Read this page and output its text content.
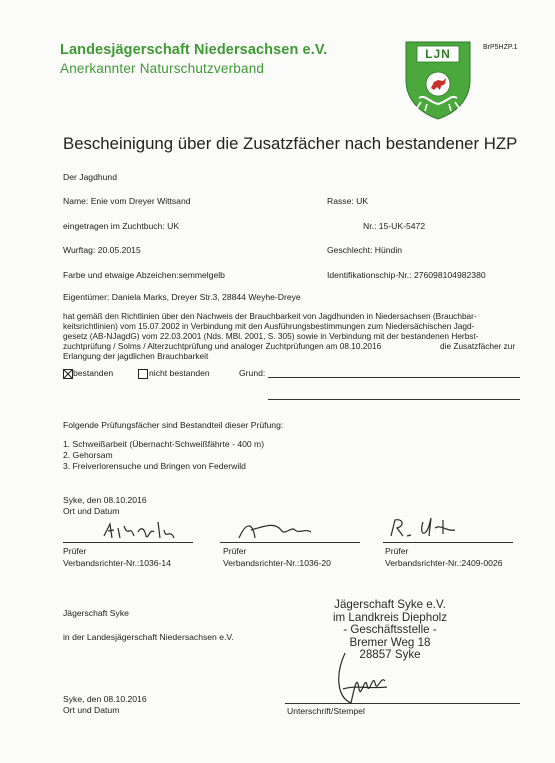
Landesjägerschaft Niedersachsen e.V.
Anerkannter Naturschutzverband
BrP5HZP.1
LJN
Bescheinigung über die Zusatzfächer nach bestandener HZP
Der Jagdhund
Name: Enie vom Dreyer Wittsand	Rasse: UK
eingetragen im Zuchtbuch: UK	Nr.: 15-UK-5472
Wurftag: 20.05.2015	Geschlecht: Hündin
Farbe und etwaige Abzeichen:semmelgelb	Identifikationschip-Nr.: 276098104982380
Eigentümer: Daniela Marks, Dreyer Str.3, 28844 Weyhe-Dreye
hat gemäß den Richtlinien über den Nachweis der Brauchbarkeit von Jagdhunden in Niedersachsen (Brauchbar-
keitsrichtlinien) vom 15.07.2002 in Verbindung mit den Ausführungsbestimmungen zum Niedersächischen Jagd-
gesetz (AB-NJagdG) vom 22.03.2001 (Nds. MBl. 2001, S. 305) sowie in Verbindung mit der bestandenen Herbst-
zuchtprüfung / Solms / Alterzuchtprüfung und analoger Zuchtprüfungen am 08.10.2016	die Zusatzfächer zur
Erlangung der jagdlichen Brauchbarkeit
bestanden	nicht bestanden	Grund:
Folgende Prüfungsfächer sind Bestandteil dieser Prüfung:
1. Schweißarbeit (Übernacht-Schweißfährte - 400 m)
2. Gehorsam
3. Freiverlorensuche und Bringen von Federwild
Syke, den 08.10.2016
Ort und Datum
Prüfer
Verbandsrichter-Nr.:1036-14
Prüfer
Verbandsrichter-Nr.:1036-20
Prüfer
Verbandsrichter-Nr.:2409-0026
Jägerschaft Syke
in der Landesjägerschaft Niedersachsen e.V.
Jägerschaft Syke e.V.
im Landkreis Diepholz
- Geschäftsstelle -
Bremer Weg 18
28857 Syke
Syke, den 08.10.2016
Ort und Datum	Unterschrift/Stempel
